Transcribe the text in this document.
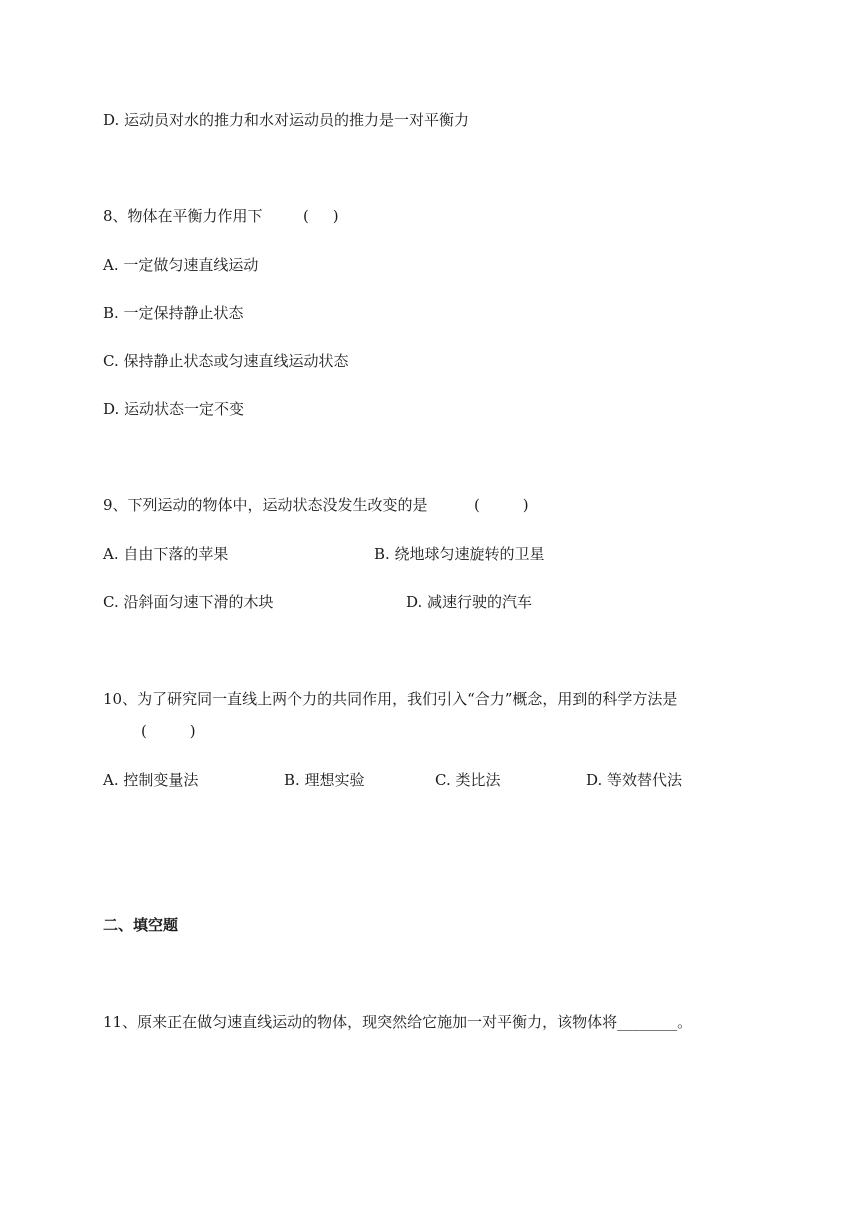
D. 运动员对水的推力和水对运动员的推力是一对平衡力
8、物体在平衡力作用下	(     )
A. 一定做匀速直线运动
B. 一定保持静止状态
C. 保持静止状态或匀速直线运动状态
D. 运动状态一定不变
9、下列运动的物体中，运动状态没发生改变的是	(         )
A. 自由下落的苹果	B. 绕地球匀速旋转的卫星
C. 沿斜面匀速下滑的木块	D. 减速行驶的汽车
10、为了研究同一直线上两个力的共同作用，我们引入“合力”概念，用到的科学方法是
(         )
A. 控制变量法	B. 理想实验	C. 类比法	D. 等效替代法
二、填空题
11、原来正在做匀速直线运动的物体，现突然给它施加一对平衡力，该物体将________。
